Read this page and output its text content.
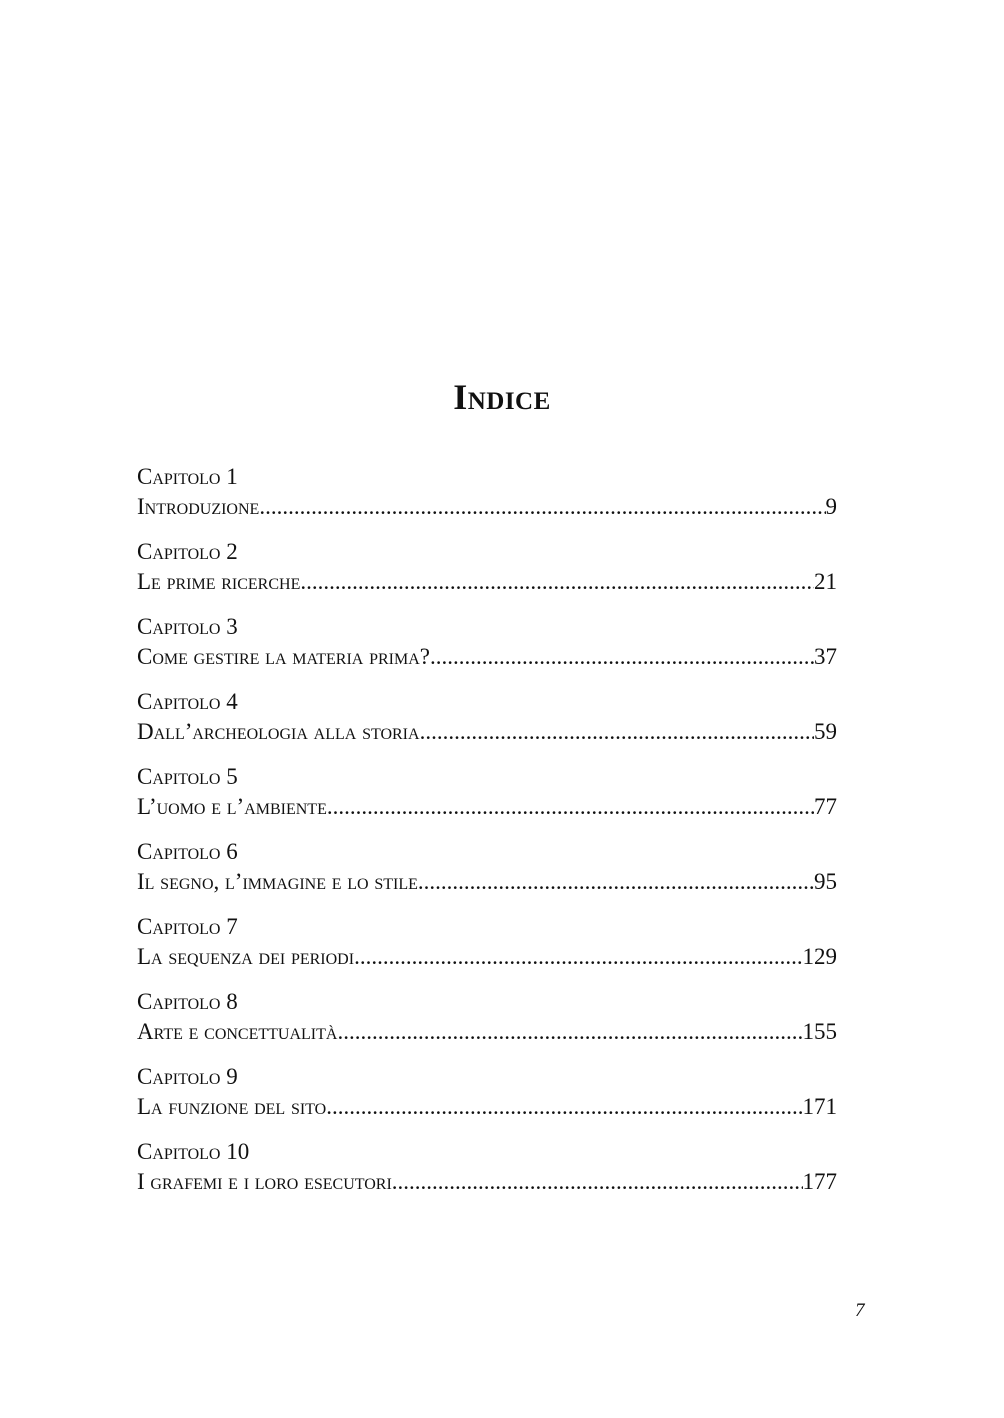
Indice
Capitolo 1
Introduzione .....	9
Capitolo 2
Le prime ricerche .....	21
Capitolo 3
Come gestire la materia prima? .....	37
Capitolo 4
Dall’archeologia alla storia .....	59
Capitolo 5
L’uomo e l’ambiente .....	77
Capitolo 6
Il segno, l’immagine e lo stile .....	95
Capitolo 7
La sequenza dei periodi .....	129
Capitolo 8
Arte e concettualità .....	155
Capitolo 9
La funzione del sito .....	171
Capitolo 10
I grafemi e i loro esecutori .....	177
7
